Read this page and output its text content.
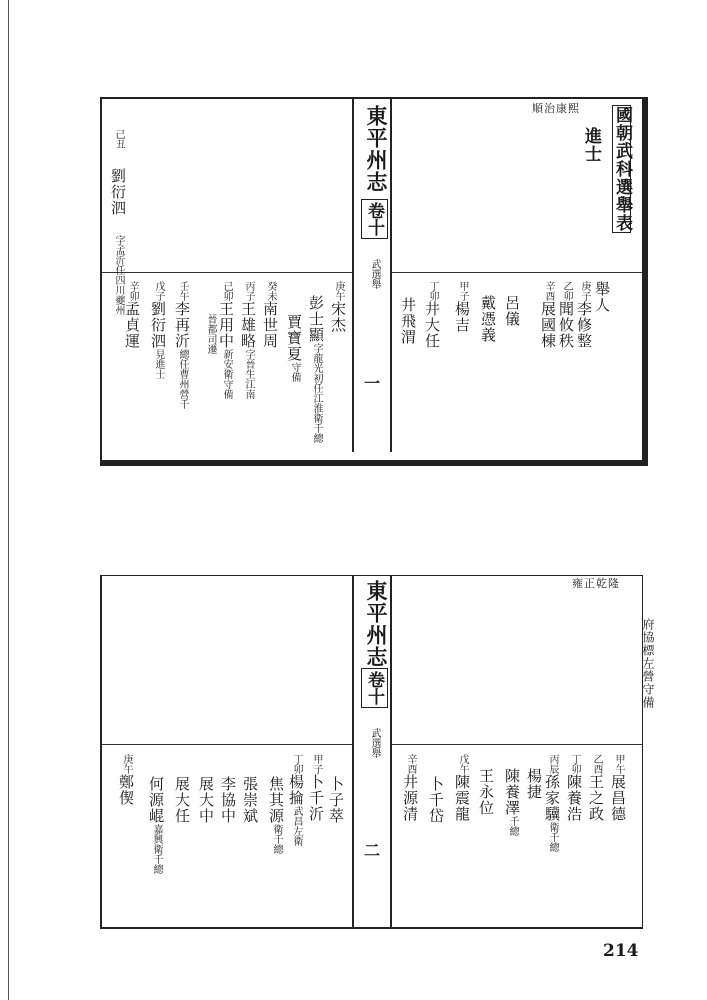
東平州志
卷十
武選舉
一
國朝武科選舉表
進士
順治康熙
己丑 劉衍泗 字孟沂任四川夔州	舉人
庚子李修整
乙卯聞攸秩
辛酉展國棟
呂儀
戴憑義
甲子楊吉
丁卯井大任
井飛渭
庚午宋杰
彭士顯字龍光初任江淮衛千總
賈寶夏守備
癸未南世周
丙子王雄略字晉生江南
己卯王用中新安衛守備
晉都司遷
壬午李再沂總任曹州營千
戊子劉衍泗見進士
辛卯孟貞運
東平州志
卷十
武選舉
二
雍正乾隆
府協標左營守備
甲午展昌德
乙酉王之政
丁卯陳養浩
丙辰孫家驥衛千總
楊捷
陳養澤千總
王永位
戊午陳震龍
卜千岱
辛酉井源清
卜子萃
甲子卜千沂
丁卯楊掄武昌左衛
焦其源衛千總
張崇斌
李協中
展大中
展大任
何源崐嘉興衛千總
庚午鄭偰
214
